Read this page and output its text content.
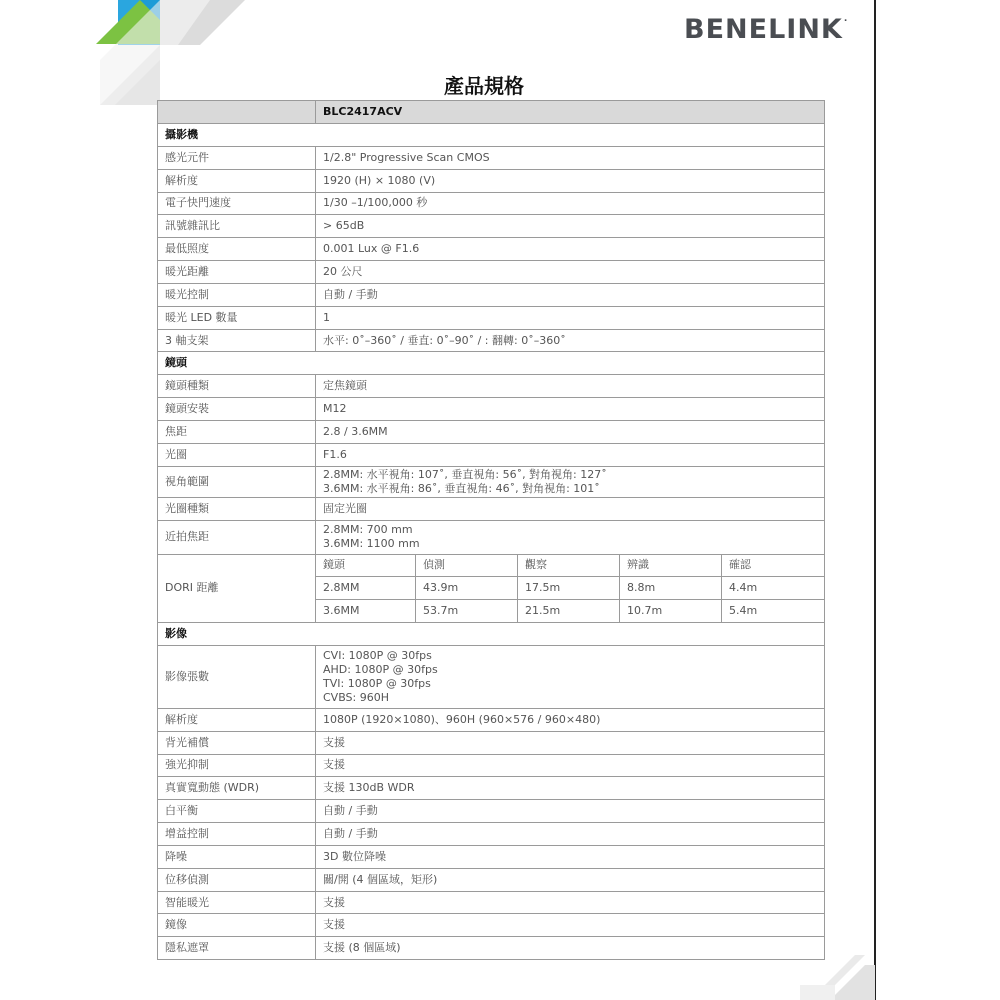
BENELINK.
產品規格
	BLC2417ACV				
攝影機					
感光元件	1/2.8" Progressive Scan CMOS				
解析度	1920 (H) × 1080 (V)				
電子快門速度	1/30 –1/100,000 秒				
訊號雜訊比	> 65dB				
最低照度	0.001 Lux @ F1.6				
暖光距離	20 公尺				
暖光控制	自動 / 手動				
暖光 LED 數量	1				
3 軸支架	水平: 0˚–360˚ / 垂直: 0˚–90˚ / : 翻轉: 0˚–360˚				
鏡頭					
鏡頭種類	定焦鏡頭				
鏡頭安裝	M12				
焦距	2.8 / 3.6MM				
光圈	F1.6				
視角範圍	2.8MM: 水平視角: 107˚, 垂直視角: 56˚, 對角視角: 127˚
3.6MM: 水平視角: 86˚, 垂直視角: 46˚, 對角視角: 101˚				

光圈種類	固定光圈				
近拍焦距	2.8MM: 700 mm
3.6MM: 1100 mm				

DORI 距離	鏡頭	偵測	觀察	辨識	確認
	2.8MM	43.9m	17.5m	8.8m	4.4m
	3.6MM	53.7m	21.5m	10.7m	5.4m
影像					
影像張數	CVI: 1080P @ 30fps
AHD: 1080P @ 30fps
TVI: 1080P @ 30fps
CVBS: 960H				

解析度	1080P (1920×1080)、960H (960×576 / 960×480)				
背光補償	支援				
強光抑制	支援				
真實寬動態 (WDR)	支援 130dB WDR				
白平衡	自動 / 手動				
增益控制	自動 / 手動				
降噪	3D 數位降噪				
位移偵測	關/開 (4 個區域，矩形)				
智能暖光	支援				
鏡像	支援				
隱私遮罩	支援 (8 個區域)				
